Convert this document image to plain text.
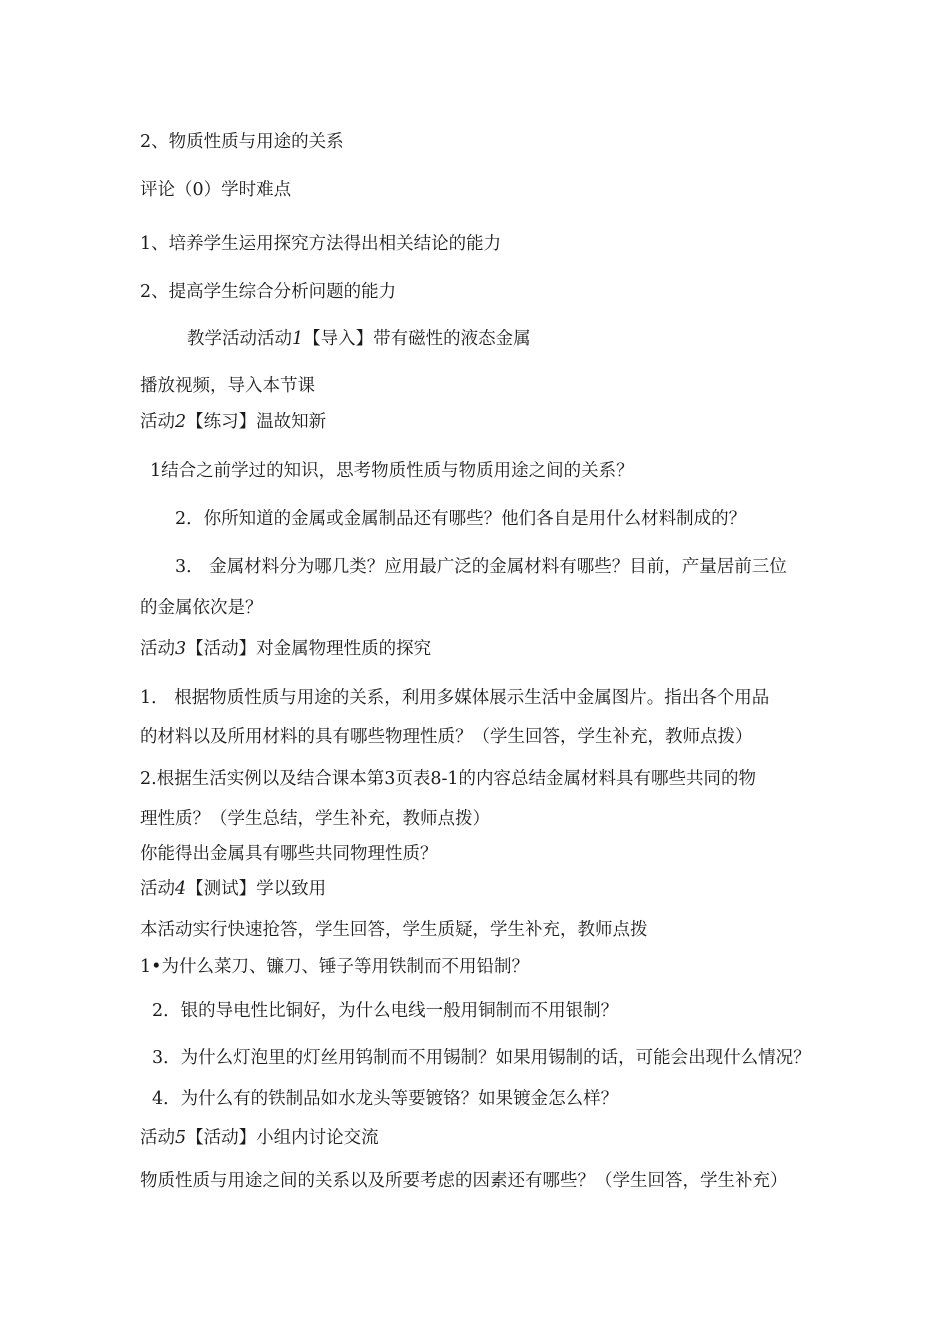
2、物质性质与用途的关系
评论（0）学时难点
1、培养学生运用探究方法得出相关结论的能力
2、提高学生综合分析问题的能力
教学活动活动1【导入】带有磁性的液态金属
播放视频，导入本节课
活动2【练习】温故知新
1结合之前学过的知识，思考物质性质与物质用途之间的关系？
2．你所知道的金属或金属制品还有哪些？他们各自是用什么材料制成的？
3． 金属材料分为哪几类？应用最广泛的金属材料有哪些？目前，产量居前三位
的金属依次是？
活动3【活动】对金属物理性质的探究
1． 根据物质性质与用途的关系，利用多媒体展示生活中金属图片。指出各个用品
的材料以及所用材料的具有哪些物理性质？（学生回答，学生补充，教师点拨）
2.根据生活实例以及结合课本第3页表8-1的内容总结金属材料具有哪些共同的物
理性质？（学生总结，学生补充，教师点拨）
你能得出金属具有哪些共同物理性质？
活动4【测试】学以致用
本活动实行快速抢答，学生回答，学生质疑，学生补充，教师点拨
1•为什么菜刀、镰刀、锤子等用铁制而不用铅制？
2．银的导电性比铜好，为什么电线一般用铜制而不用银制？
3．为什么灯泡里的灯丝用钨制而不用锡制？如果用锡制的话，可能会出现什么情况？
4．为什么有的铁制品如水龙头等要镀铬？如果镀金怎么样？
活动5【活动】小组内讨论交流
物质性质与用途之间的关系以及所要考虑的因素还有哪些？（学生回答，学生补充）
